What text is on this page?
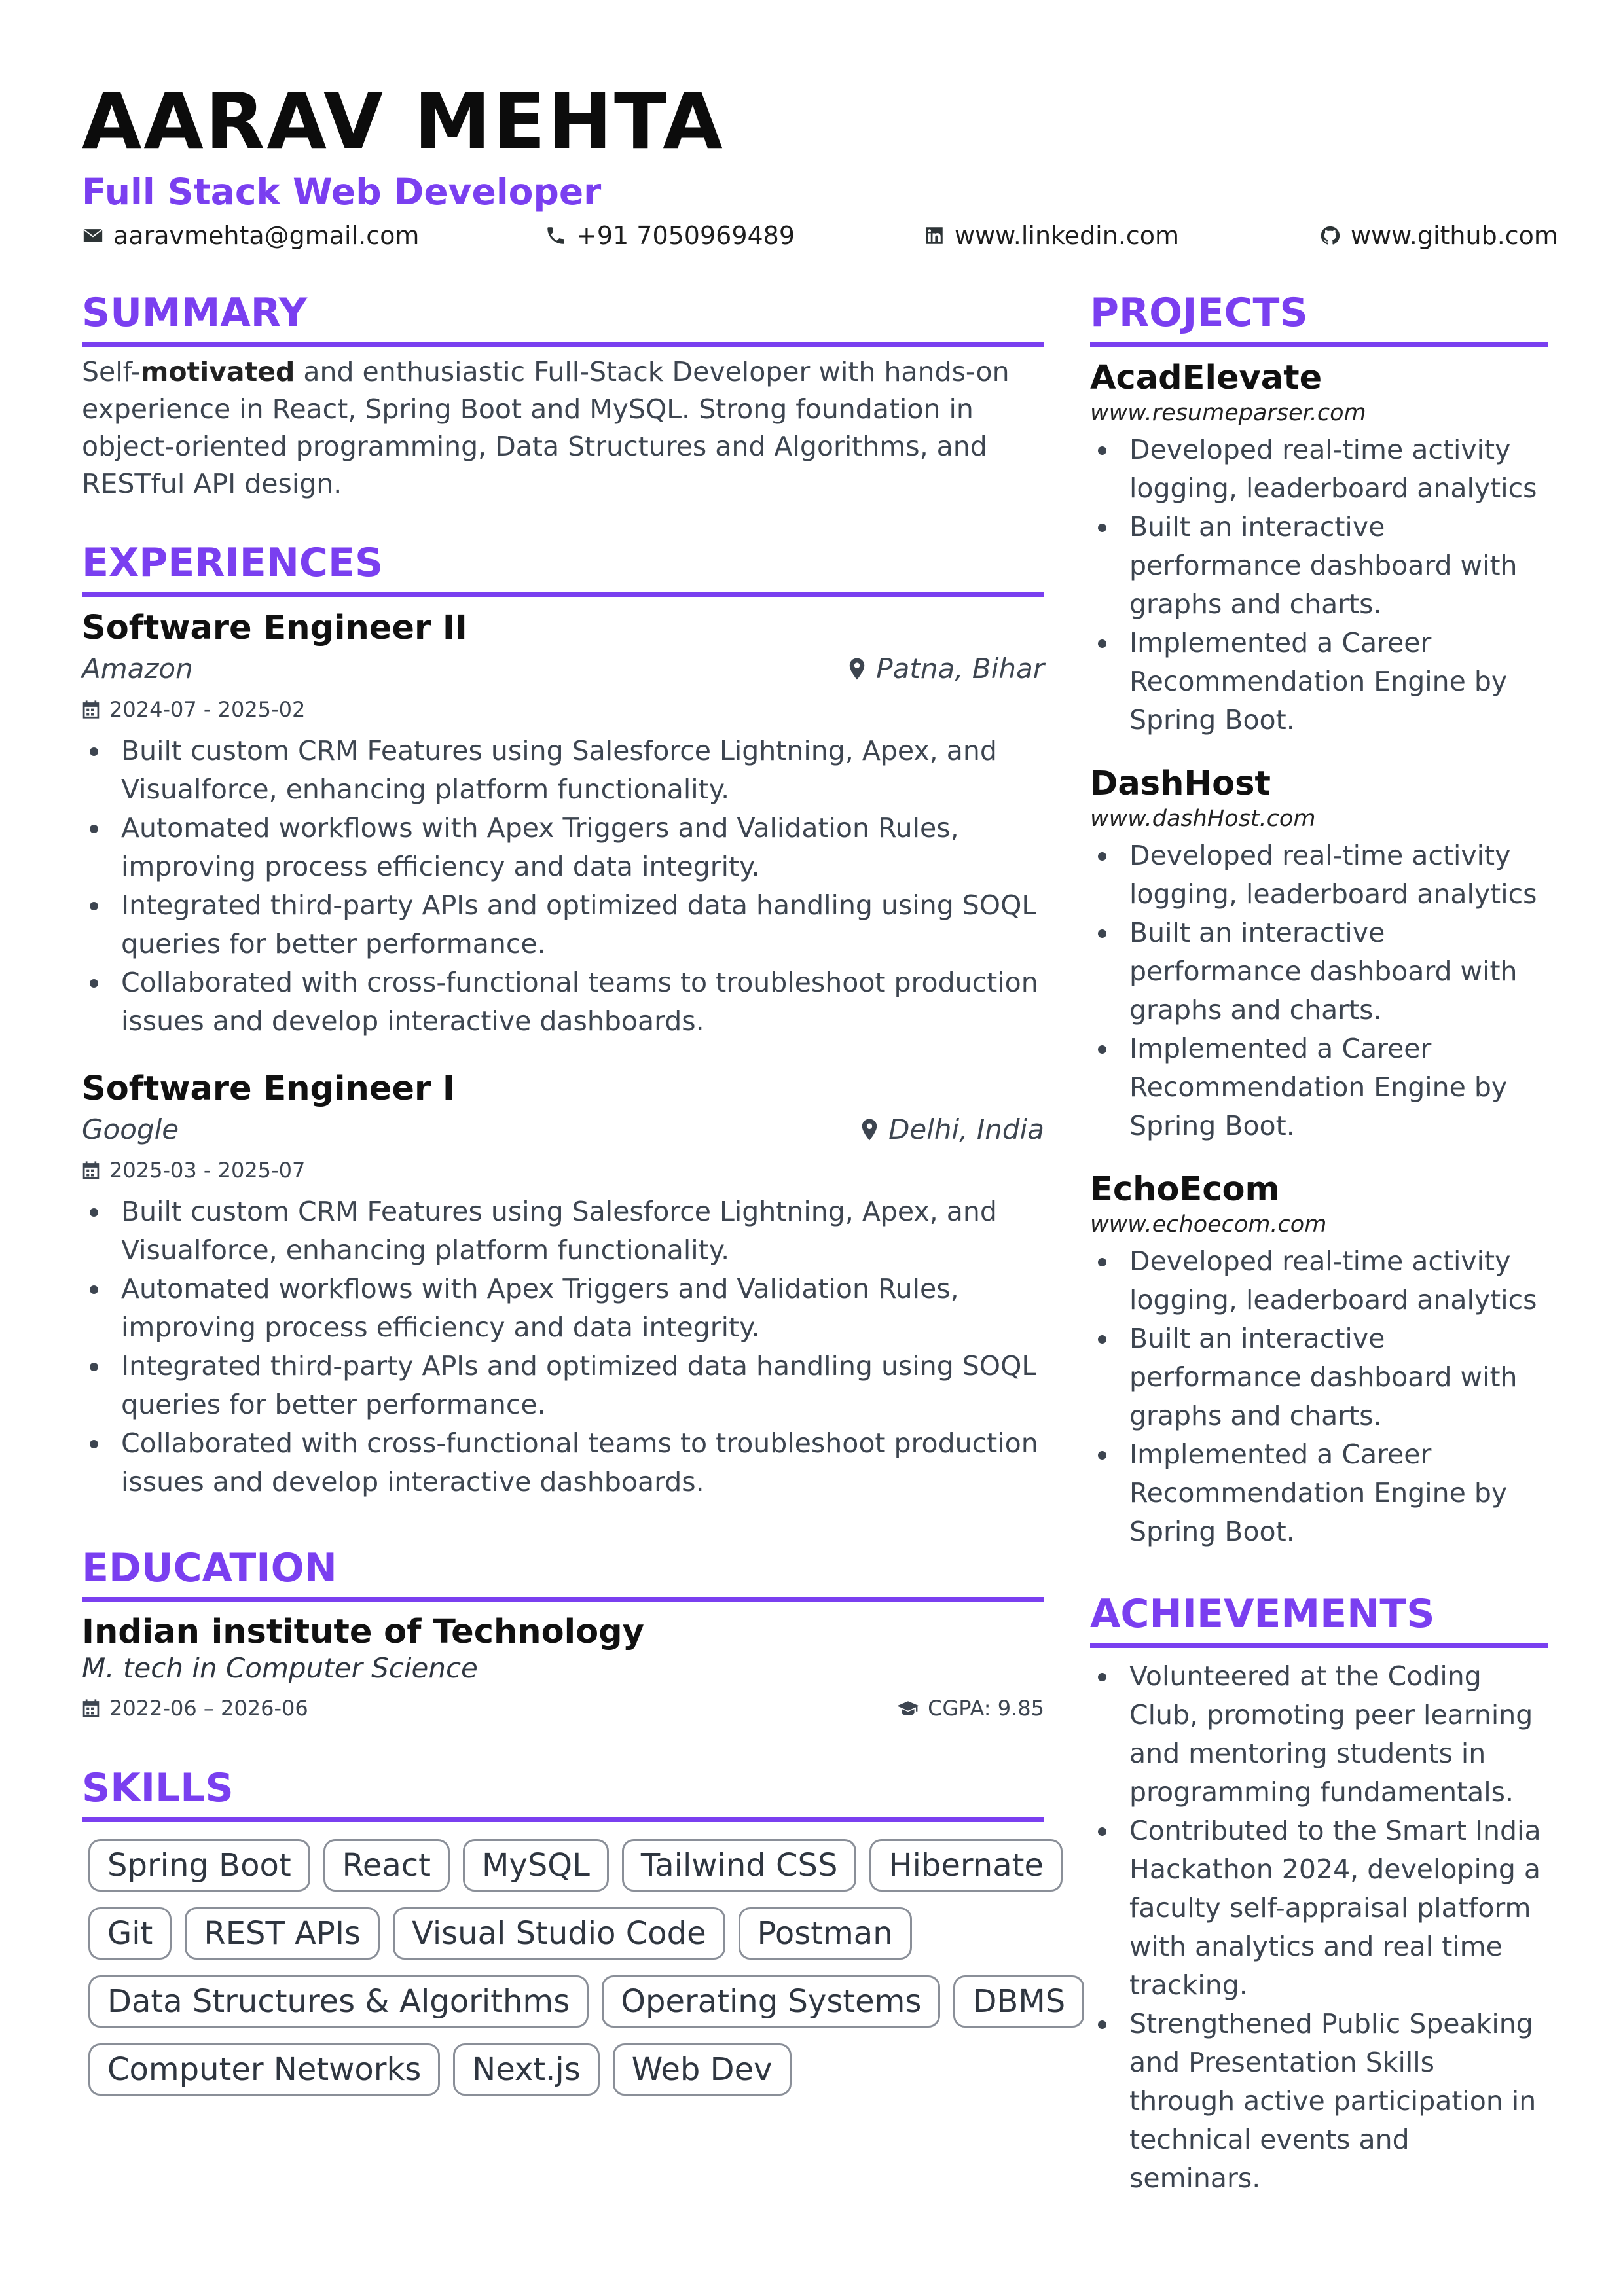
AARAV MEHTA
Full Stack Web Developer
aaravmehta@gmail.com	+91 7050969489	www.linkedin.com	www.github.com
SUMMARY
Self-motivated and enthusiastic Full-Stack Developer with hands-on experience in React, Spring Boot and MySQL. Strong foundation in object-oriented programming, Data Structures and Algorithms, and RESTful API design.
EXPERIENCES
Software Engineer II
Amazon	Patna, Bihar
2024-07 - 2025-02
Built custom CRM Features using Salesforce Lightning, Apex, and Visualforce, enhancing platform functionality.
Automated workflows with Apex Triggers and Validation Rules, improving process efficiency and data integrity.
Integrated third-party APIs and optimized data handling using SOQL queries for better performance.
Collaborated with cross-functional teams to troubleshoot production issues and develop interactive dashboards.
Software Engineer I
Google	Delhi, India
2025-03 - 2025-07
Built custom CRM Features using Salesforce Lightning, Apex, and Visualforce, enhancing platform functionality.
Automated workflows with Apex Triggers and Validation Rules, improving process efficiency and data integrity.
Integrated third-party APIs and optimized data handling using SOQL queries for better performance.
Collaborated with cross-functional teams to troubleshoot production issues and develop interactive dashboards.
EDUCATION
Indian institute of Technology
M. tech in Computer Science
2022-06 – 2026-06	CGPA: 9.85
SKILLS
Spring Boot	React	MySQL	Tailwind CSS	Hibernate
Git	REST APIs	Visual Studio Code	Postman
Data Structures & Algorithms	Operating Systems	DBMS
Computer Networks	Next.js	Web Dev
PROJECTS
AcadElevate
www.resumeparser.com
Developed real-time activity logging, leaderboard analytics
Built an interactive performance dashboard with graphs and charts.
Implemented a Career Recommendation Engine by Spring Boot.
DashHost
www.dashHost.com
Developed real-time activity logging, leaderboard analytics
Built an interactive performance dashboard with graphs and charts.
Implemented a Career Recommendation Engine by Spring Boot.
EchoEcom
www.echoecom.com
Developed real-time activity logging, leaderboard analytics
Built an interactive performance dashboard with graphs and charts.
Implemented a Career Recommendation Engine by Spring Boot.
ACHIEVEMENTS
Volunteered at the Coding Club, promoting peer learning and mentoring students in programming fundamentals.
Contributed to the Smart India Hackathon 2024, developing a faculty self-appraisal platform with analytics and real time tracking.
Strengthened Public Speaking and Presentation Skills through active participation in technical events and seminars.
